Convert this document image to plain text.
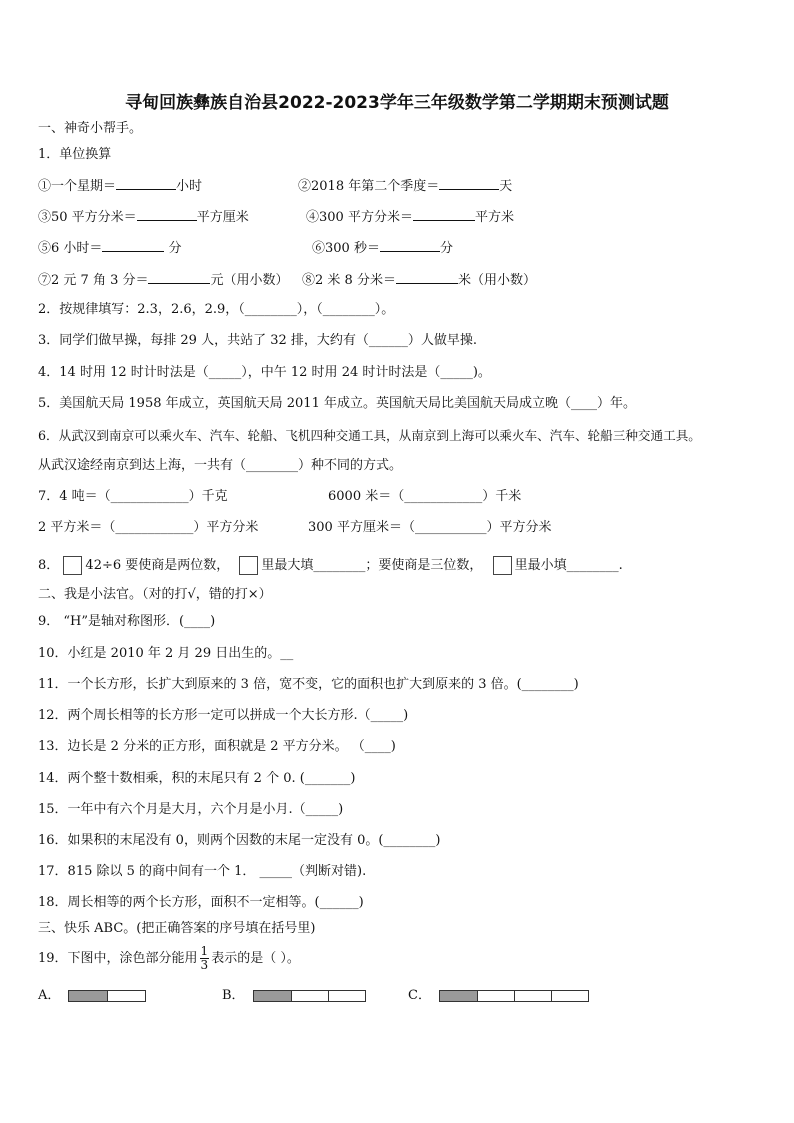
寻甸回族彝族自治县2022-2023学年三年级数学第二学期期末预测试题
一、神奇小帮手。
1．单位换算
①一个星期＝	小时	②2018 年第二个季度＝	天
③50 平方分米＝	平方厘米	④300 平方分米＝	平方米
⑤6 小时＝	分	⑥300 秒＝	分
⑦2 元 7 角 3 分＝	元（用小数） ⑧2 米 8 分米＝	米（用小数）
2．按规律填写：2.3，2.6，2.9，（________），（________）。
3．同学们做早操，每排 29 人，共站了 32 排，大约有（______）人做早操.
4．14 时用 12 时计时法是（_____），中午 12 时用 24 时计时法是（_____)。
5．美国航天局 1958 年成立，英国航天局 2011 年成立。英国航天局比美国航天局成立晚（____）年。
6．从武汉到南京可以乘火车、汽车、轮船、飞机四种交通工具，从南京到上海可以乘火车、汽车、轮船三种交通工具。
从武汉途经南京到达上海，一共有（________）种不同的方式。
7．4 吨＝（____________）千克	6000 米＝（____________）千米
2 平方米＝（____________）平方分米	300 平方厘米＝（___________）平方分米
8． 42÷6 要使商是两位数， 里最大填________；要使商是三位数， 里最小填________.
二、我是小法官。（对的打√，错的打×）
9． “H”是轴对称图形．(____)
10．小红是 2010 年 2 月 29 日出生的。__
11．一个长方形，长扩大到原来的 3 倍，宽不变，它的面积也扩大到原来的 3 倍。(________)
12．两个周长相等的长方形一定可以拼成一个大长方形.（_____)
13．边长是 2 分米的正方形，面积就是 2 平方分米。 （____)
14．两个整十数相乘，积的末尾只有 2 个 0. (_______)
15．一年中有六个月是大月，六个月是小月.（_____)
16．如果积的末尾没有 0，则两个因数的末尾一定没有 0。(________)
17．815 除以 5 的商中间有一个 1． _____（判断对错).
18．周长相等的两个长方形，面积不一定相等。(______)
三、快乐 ABC。(把正确答案的序号填在括号里)
19．下图中，涂色部分能用 $\frac{1}{3}$ 表示的是（ ）。
A．	B．	C．
